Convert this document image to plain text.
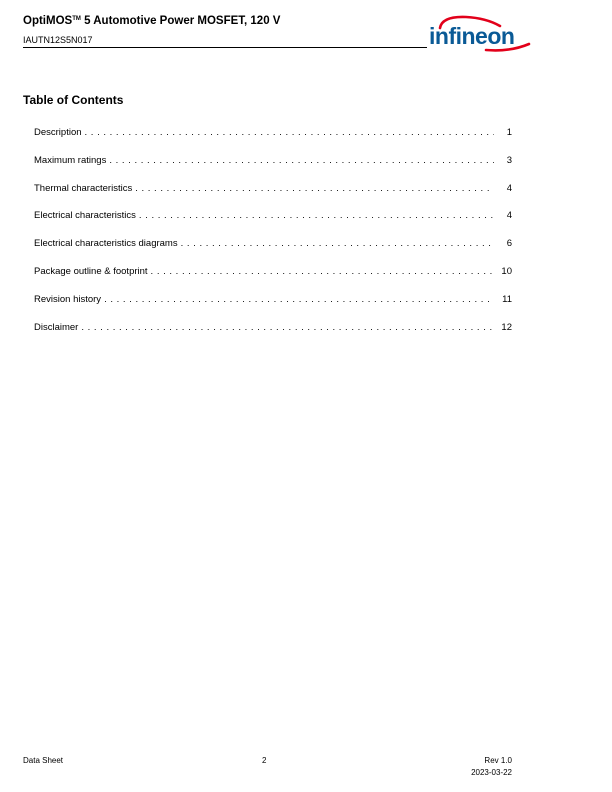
OptiMOS™ 5 Automotive Power MOSFET, 120 V
IAUTN12S5N017	infineon
Table of Contents
Description . . .	1
Maximum ratings . . .	3
Thermal characteristics . . .	4
Electrical characteristics . . .	4
Electrical characteristics diagrams . . .	6
Package outline & footprint . . .	10
Revision history . . .	11
Disclaimer . . .	12
Data Sheet	2	Rev 1.0
2023-03-22
